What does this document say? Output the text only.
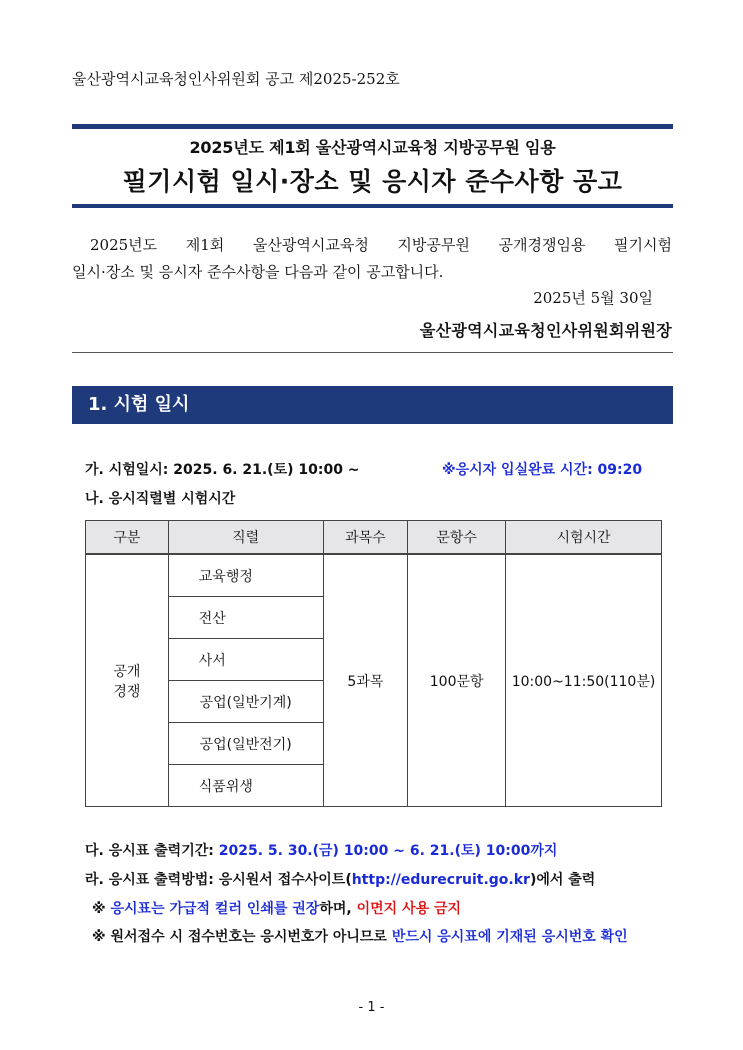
울산광역시교육청인사위원회 공고 제2025-252호
2025년도 제1회 울산광역시교육청 지방공무원 임용
필기시험 일시·장소 및 응시자 준수사항 공고
2025년도 제1회 울산광역시교육청 지방공무원 공개경쟁임용 필기시험
일시·장소 및 응시자 준수사항을 다음과 같이 공고합니다.
2025년 5월 30일
울산광역시교육청인사위원회위원장
1. 시험 일시
가. 시험일시: 2025. 6. 21.(토) 10:00 ~	※응시자 입실완료 시간: 09:20
나. 응시직렬별 시험시간
구분	직렬	과목수	문항수	시험시간

공개
경쟁	교육행정	5과목	100문항	10:00~11:50(110분)

	전산			

	사서			

	공업(일반기계)			
	공업(일반전기)			

	식품위생			
다. 응시표 출력기간: 2025. 5. 30.(금) 10:00 ~ 6. 21.(토) 10:00까지
라. 응시표 출력방법: 응시원서 접수사이트(http://edurecruit.go.kr)에서 출력
※ 응시표는 가급적 컬러 인쇄를 권장하며, 이면지 사용 금지
※ 원서접수 시 접수번호는 응시번호가 아니므로 반드시 응시표에 기재된 응시번호 확인
- 1 -
